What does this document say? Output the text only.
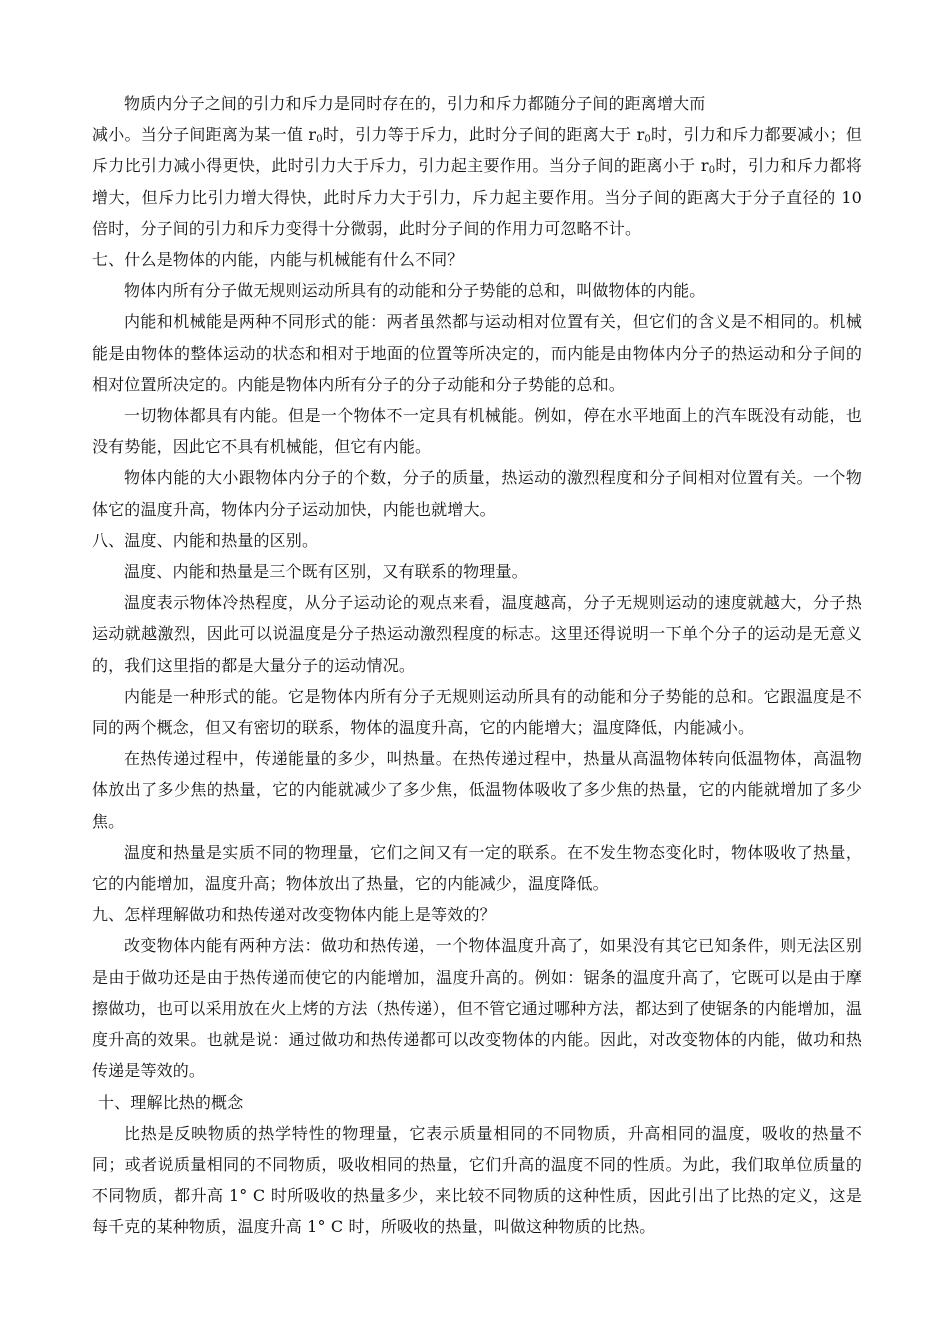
物质内分子之间的引力和斥力是同时存在的，引力和斥力都随分子间的距离增大而
减小。当分子间距离为某一值 $r_0$时，引力等于斥力，此时分子间的距离大于 $r_0$时，引力和斥力都要减小；但斥力比引力减小得更快，此时引力大于斥力，引力起主要作用。当分子间的距离小于 $r_0$时，引力和斥力都将增大，但斥力比引力增大得快，此时斥力大于引力，斥力起主要作用。当分子间的距离大于分子直径的 10 倍时，分子间的引力和斥力变得十分微弱，此时分子间的作用力可忽略不计。

七、什么是物体的内能，内能与机械能有什么不同？

物体内所有分子做无规则运动所具有的动能和分子势能的总和，叫做物体的内能。

内能和机械能是两种不同形式的能：两者虽然都与运动相对位置有关，但它们的含义是不相同的。机械能是由物体的整体运动的状态和相对于地面的位置等所决定的，而内能是由物体内分子的热运动和分子间的相对位置所决定的。内能是物体内所有分子的分子动能和分子势能的总和。

一切物体都具有内能。但是一个物体不一定具有机械能。例如，停在水平地面上的汽车既没有动能，也没有势能，因此它不具有机械能，但它有内能。

物体内能的大小跟物体内分子的个数，分子的质量，热运动的激烈程度和分子间相对位置有关。一个物体它的温度升高，物体内分子运动加快，内能也就增大。

八、温度、内能和热量的区别。

温度、内能和热量是三个既有区别，又有联系的物理量。

温度表示物体冷热程度，从分子运动论的观点来看，温度越高，分子无规则运动的速度就越大，分子热运动就越激烈，因此可以说温度是分子热运动激烈程度的标志。这里还得说明一下单个分子的运动是无意义的，我们这里指的都是大量分子的运动情况。

内能是一种形式的能。它是物体内所有分子无规则运动所具有的动能和分子势能的总和。它跟温度是不同的两个概念，但又有密切的联系，物体的温度升高，它的内能增大；温度降低，内能减小。

在热传递过程中，传递能量的多少，叫热量。在热传递过程中，热量从高温物体转向低温物体，高温物体放出了多少焦的热量，它的内能就减少了多少焦，低温物体吸收了多少焦的热量，它的内能就增加了多少焦。

温度和热量是实质不同的物理量，它们之间又有一定的联系。在不发生物态变化时，物体吸收了热量，它的内能增加，温度升高；物体放出了热量，它的内能减少，温度降低。

九、怎样理解做功和热传递对改变物体内能上是等效的？

改变物体内能有两种方法：做功和热传递，一个物体温度升高了，如果没有其它已知条件，则无法区别是由于做功还是由于热传递而使它的内能增加，温度升高的。例如：锯条的温度升高了，它既可以是由于摩擦做功，也可以采用放在火上烤的方法（热传递），但不管它通过哪种方法，都达到了使锯条的内能增加，温度升高的效果。也就是说：通过做功和热传递都可以改变物体的内能。因此，对改变物体的内能，做功和热传递是等效的。

十、理解比热的概念

比热是反映物质的热学特性的物理量，它表示质量相同的不同物质，升高相同的温度，吸收的热量不同；或者说质量相同的不同物质，吸收相同的热量，它们升高的温度不同的性质。为此，我们取单位质量的不同物质，都升高 1° C 时所吸收的热量多少，来比较不同物质的这种性质，因此引出了比热的定义，这是每千克的某种物质，温度升高 1° C 时，所吸收的热量，叫做这种物质的比热。
